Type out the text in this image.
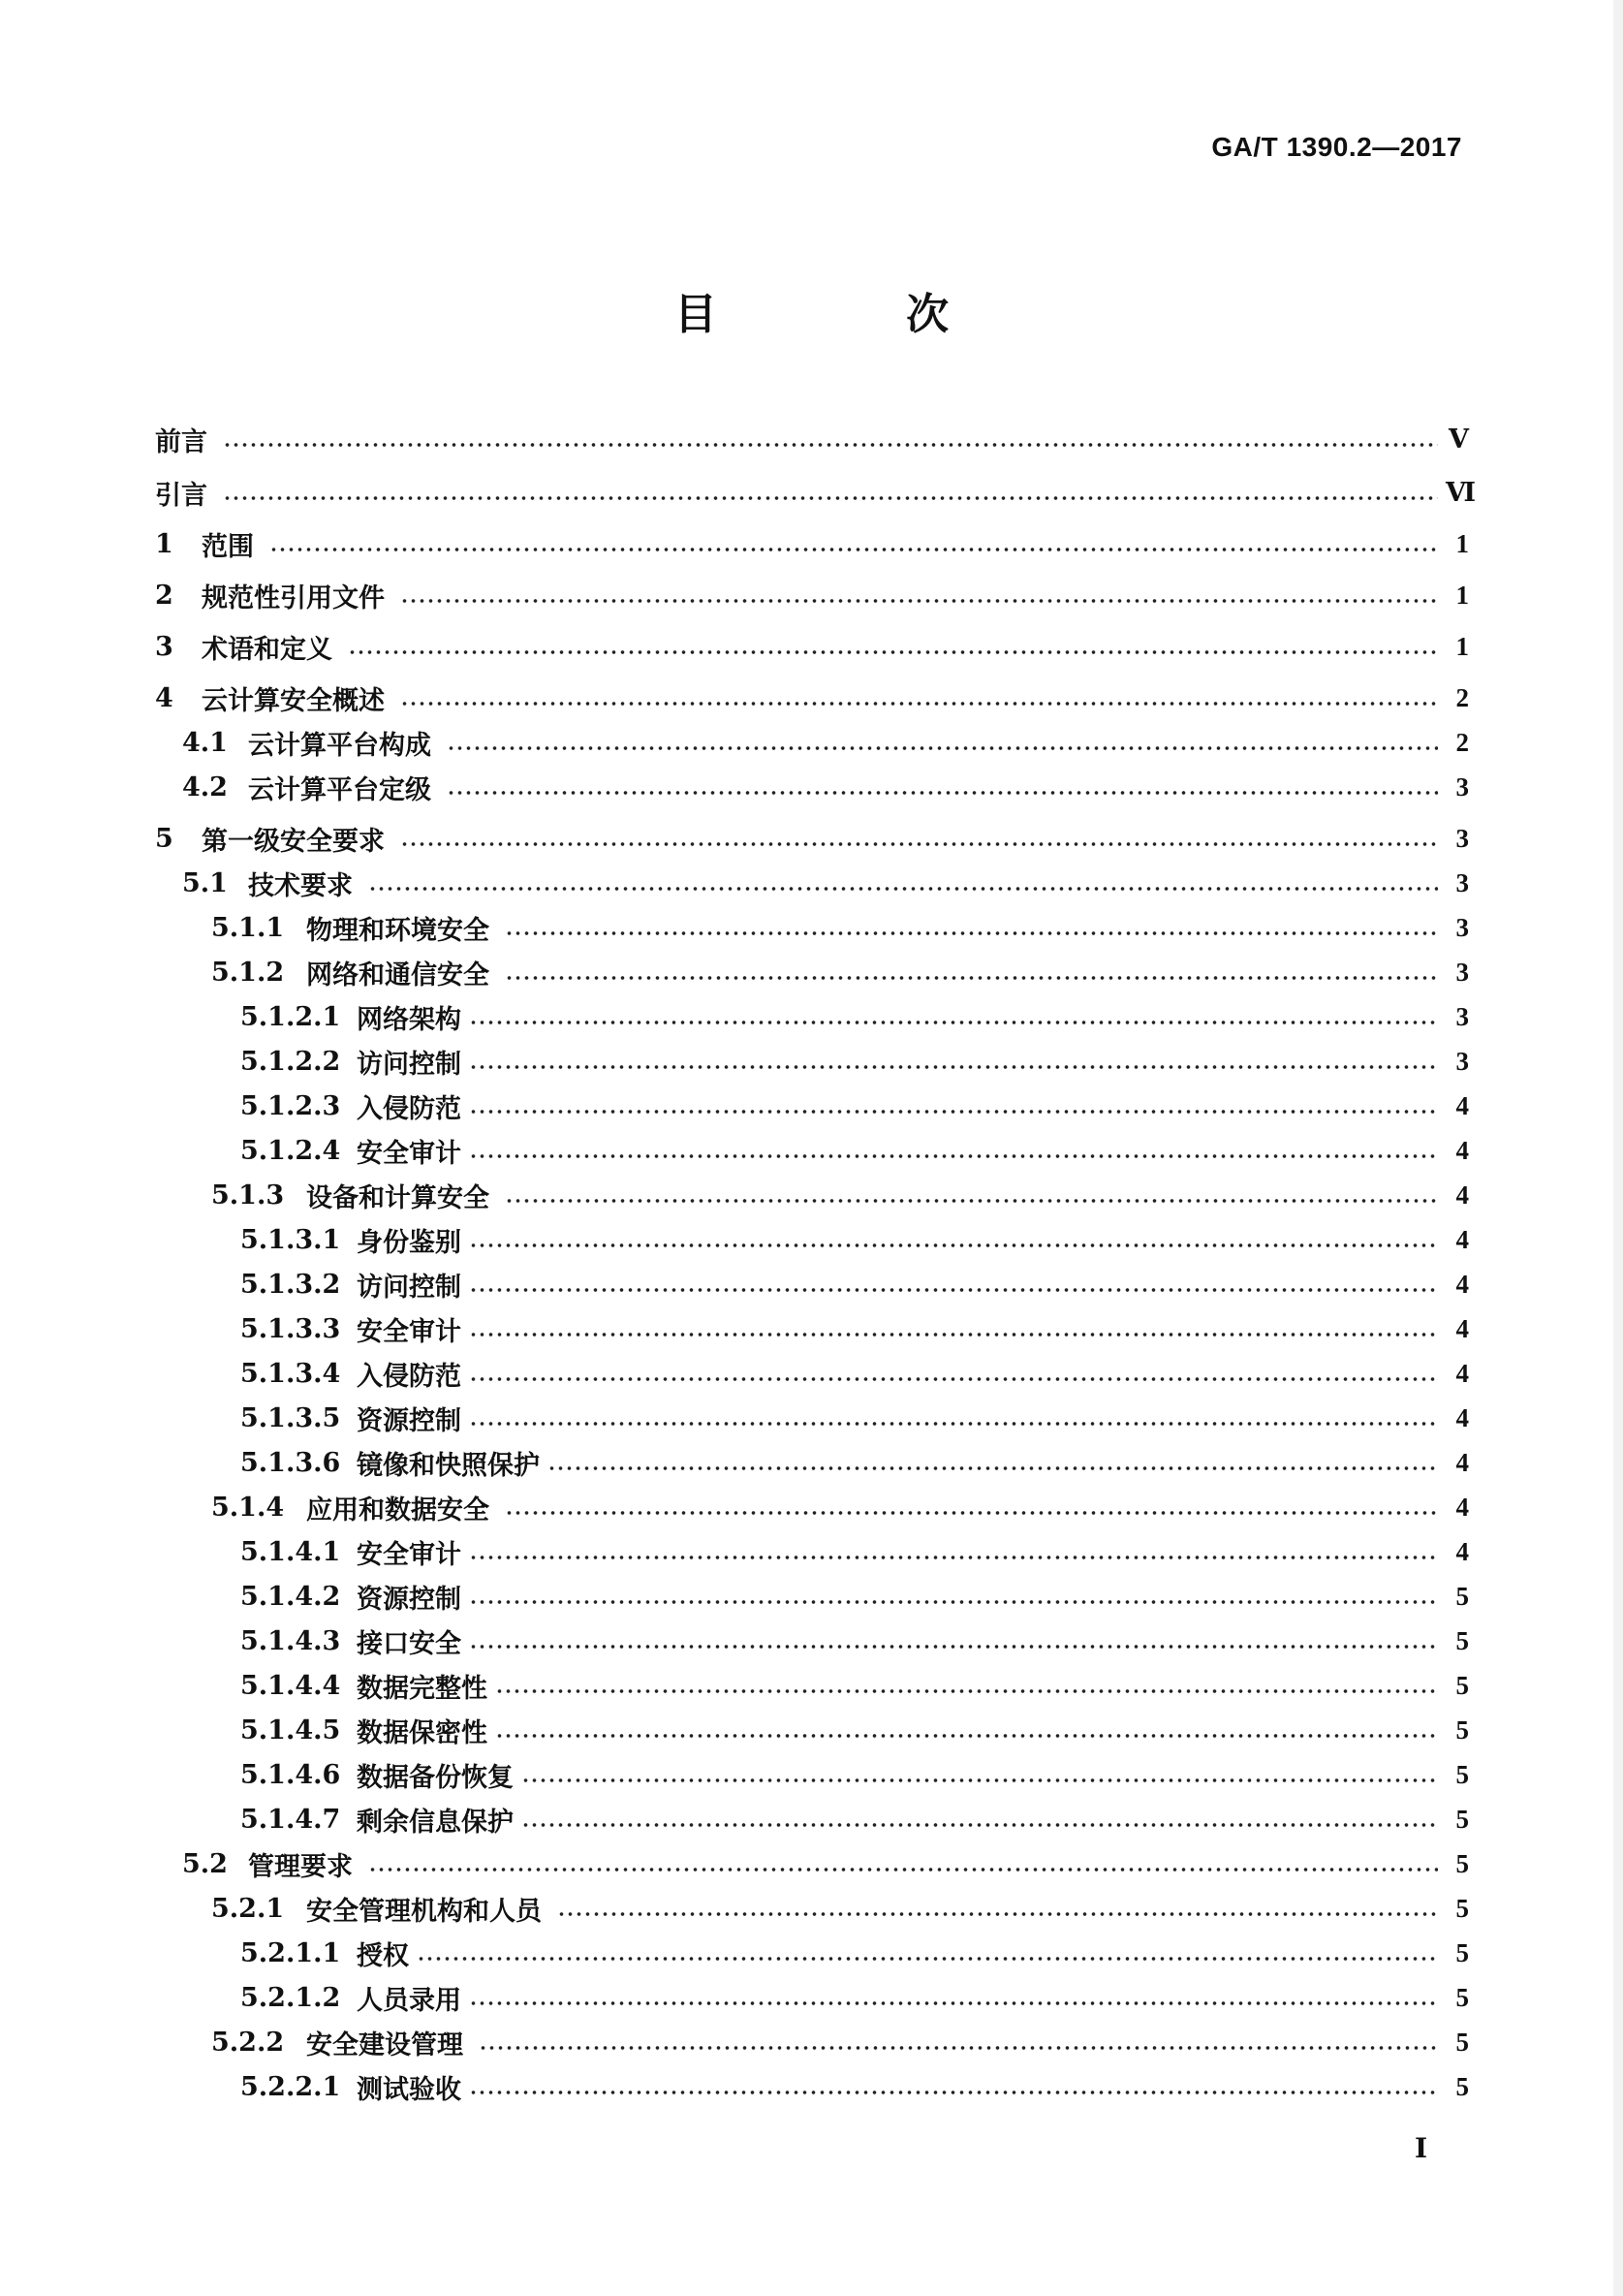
GA/T 1390.2—2017
目 次
前言	Ⅴ
引言	Ⅵ
1	范围	1
2	规范性引用文件	1
3	术语和定义	1
4	云计算安全概述	2
4.1 云计算平台构成	2
4.2 云计算平台定级	3
5	第一级安全要求	3
5.1 技术要求	3
5.1.1 物理和环境安全	3
5.1.2 网络和通信安全	3
5.1.2.1 网络架构	3
5.1.2.2 访问控制	3
5.1.2.3 入侵防范	4
5.1.2.4 安全审计	4
5.1.3 设备和计算安全	4
5.1.3.1 身份鉴别	4
5.1.3.2 访问控制	4
5.1.3.3 安全审计	4
5.1.3.4 入侵防范	4
5.1.3.5 资源控制	4
5.1.3.6 镜像和快照保护	4
5.1.4 应用和数据安全	4
5.1.4.1 安全审计	4
5.1.4.2 资源控制	5
5.1.4.3 接口安全	5
5.1.4.4 数据完整性	5
5.1.4.5 数据保密性	5
5.1.4.6 数据备份恢复	5
5.1.4.7 剩余信息保护	5
5.2 管理要求	5
5.2.1 安全管理机构和人员	5
5.2.1.1 授权	5
5.2.1.2 人员录用	5
5.2.2 安全建设管理	5
5.2.2.1 测试验收	5
Ⅰ
